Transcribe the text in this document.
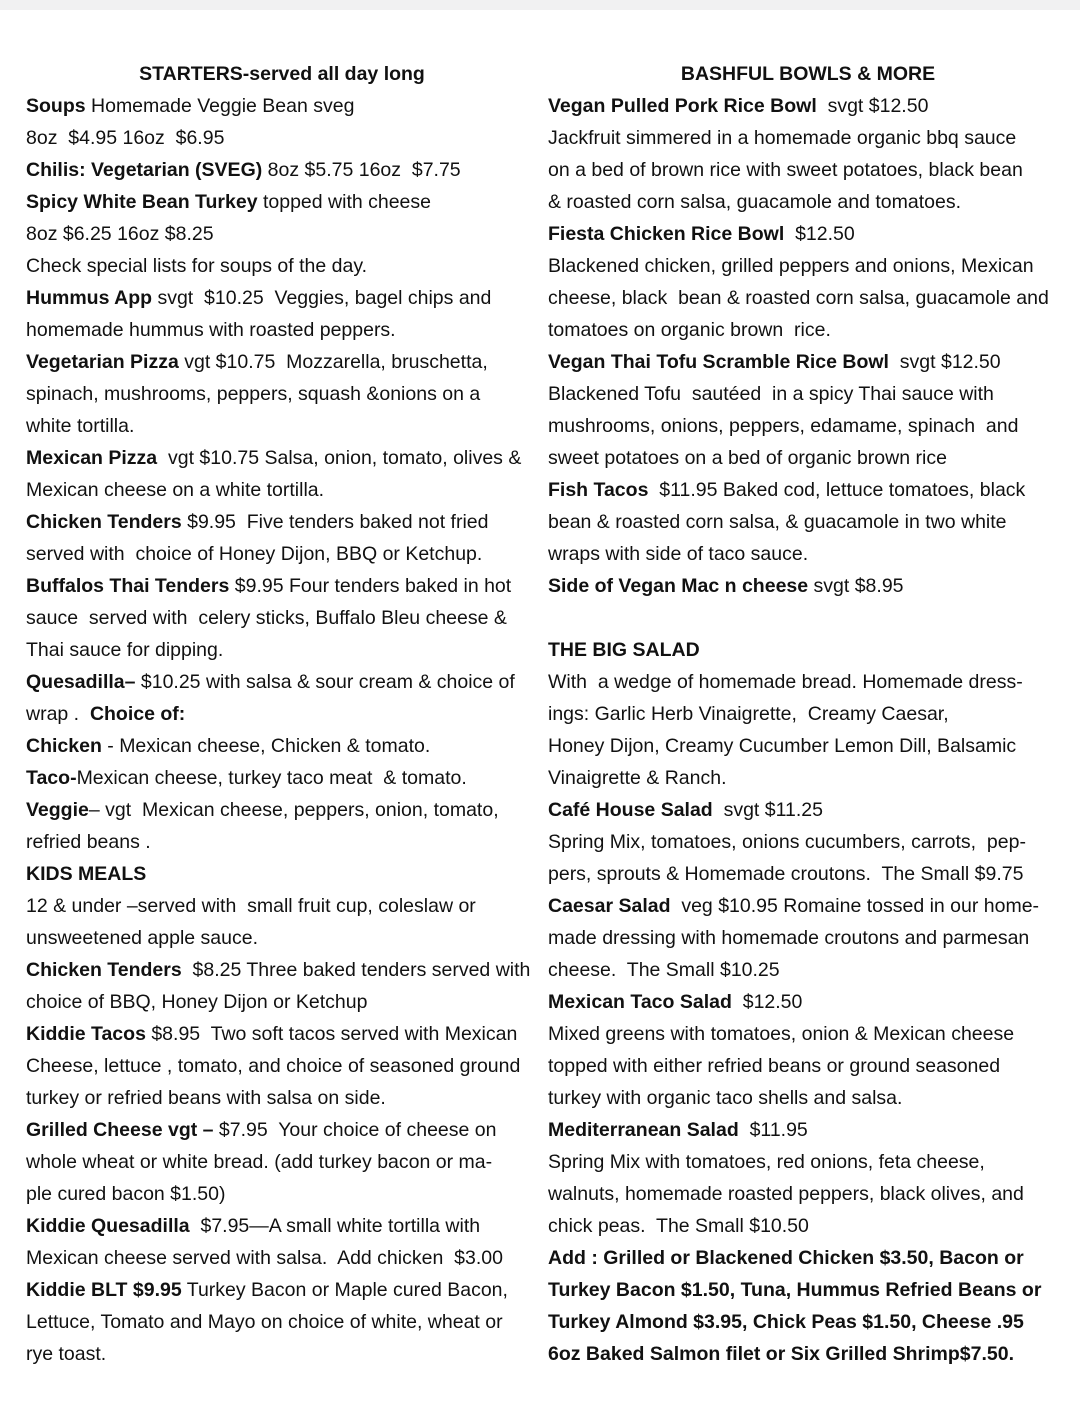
STARTERS-served all day long
Soups Homemade Veggie Bean sveg
8oz  $4.95 16oz  $6.95
Chilis: Vegetarian (SVEG) 8oz $5.75 16oz  $7.75
Spicy White Bean Turkey topped with cheese
8oz $6.25 16oz $8.25
Check special lists for soups of the day.
Hummus App svgt  $10.25  Veggies, bagel chips and
homemade hummus with roasted peppers.
Vegetarian Pizza vgt $10.75  Mozzarella, bruschetta,
spinach, mushrooms, peppers, squash &onions on a
white tortilla.
Mexican Pizza  vgt $10.75 Salsa, onion, tomato, olives &
Mexican cheese on a white tortilla.
Chicken Tenders $9.95  Five tenders baked not fried
served with  choice of Honey Dijon, BBQ or Ketchup.
Buffalos Thai Tenders $9.95 Four tenders baked in hot
sauce  served with  celery sticks, Buffalo Bleu cheese &
Thai sauce for dipping.
Quesadilla– $10.25 with salsa & sour cream & choice of
wrap .  Choice of:
Chicken - Mexican cheese, Chicken & tomato.
Taco-Mexican cheese, turkey taco meat  & tomato.
Veggie– vgt  Mexican cheese, peppers, onion, tomato,
refried beans .
KIDS MEALS
12 & under –served with  small fruit cup, coleslaw or
unsweetened apple sauce.
Chicken Tenders  $8.25 Three baked tenders served with
choice of BBQ, Honey Dijon or Ketchup
Kiddie Tacos $8.95  Two soft tacos served with Mexican
Cheese, lettuce , tomato, and choice of seasoned ground
turkey or refried beans with salsa on side.
Grilled Cheese vgt – $7.95  Your choice of cheese on
whole wheat or white bread. (add turkey bacon or ma-
ple cured bacon $1.50)
Kiddie Quesadilla  $7.95—A small white tortilla with
Mexican cheese served with salsa.  Add chicken  $3.00
Kiddie BLT $9.95 Turkey Bacon or Maple cured Bacon,
Lettuce, Tomato and Mayo on choice of white, wheat or
rye toast.
BASHFUL BOWLS & MORE
Vegan Pulled Pork Rice Bowl  svgt $12.50
Jackfruit simmered in a homemade organic bbq sauce
on a bed of brown rice with sweet potatoes, black bean
& roasted corn salsa, guacamole and tomatoes.
Fiesta Chicken Rice Bowl  $12.50
Blackened chicken, grilled peppers and onions, Mexican
cheese, black  bean & roasted corn salsa, guacamole and
tomatoes on organic brown  rice.
Vegan Thai Tofu Scramble Rice Bowl  svgt $12.50
Blackened Tofu  sautéed  in a spicy Thai sauce with
mushrooms, onions, peppers, edamame, spinach  and
sweet potatoes on a bed of organic brown rice
Fish Tacos  $11.95 Baked cod, lettuce tomatoes, black
bean & roasted corn salsa, & guacamole in two white
wraps with side of taco sauce.
Side of Vegan Mac n cheese svgt $8.95
THE BIG SALAD
With  a wedge of homemade bread. Homemade dress-
ings: Garlic Herb Vinaigrette,  Creamy Caesar,
Honey Dijon, Creamy Cucumber Lemon Dill, Balsamic
Vinaigrette & Ranch.
Café House Salad  svgt $11.25
Spring Mix, tomatoes, onions cucumbers, carrots,  pep-
pers, sprouts & Homemade croutons.  The Small $9.75
Caesar Salad  veg $10.95 Romaine tossed in our home-
made dressing with homemade croutons and parmesan
cheese.  The Small $10.25
Mexican Taco Salad  $12.50
Mixed greens with tomatoes, onion & Mexican cheese
topped with either refried beans or ground seasoned
turkey with organic taco shells and salsa.
Mediterranean Salad  $11.95
Spring Mix with tomatoes, red onions, feta cheese,
walnuts, homemade roasted peppers, black olives, and
chick peas.  The Small $10.50
Add : Grilled or Blackened Chicken $3.50, Bacon or
Turkey Bacon $1.50, Tuna, Hummus Refried Beans or
Turkey Almond $3.95, Chick Peas $1.50, Cheese .95
6oz Baked Salmon filet or Six Grilled Shrimp$7.50.
